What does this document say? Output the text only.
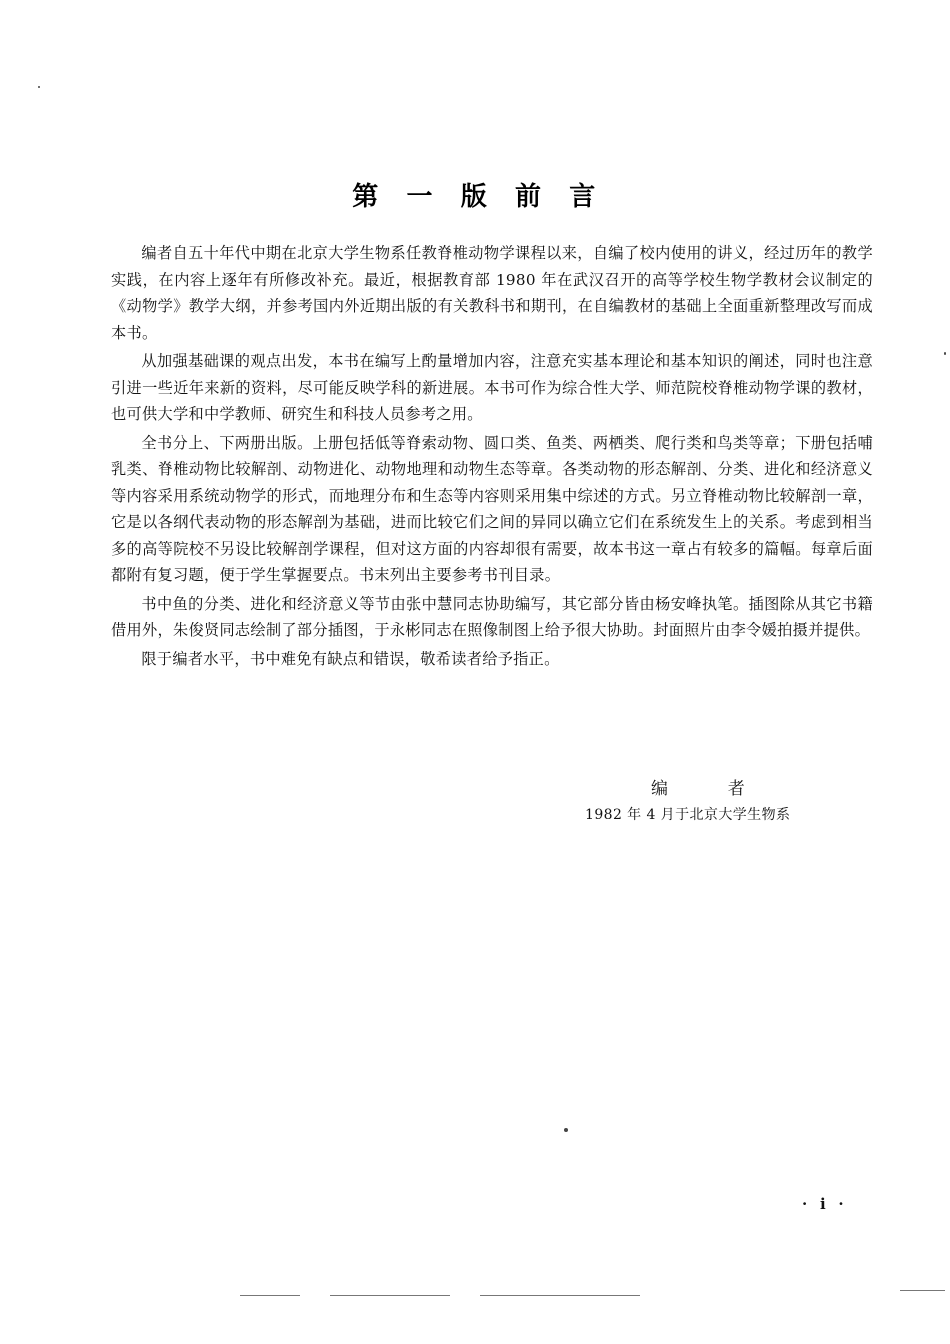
第 一 版 前 言

编者自五十年代中期在北京大学生物系任教脊椎动物学课程以来，自编了校内使用的讲义，经过历年的教学实践，在内容上逐年有所修改补充。最近，根据教育部 1980 年在武汉召开的高等学校生物学教材会议制定的《动物学》教学大纲，并参考国内外近期出版的有关教科书和期刊，在自编教材的基础上全面重新整理改写而成本书。

从加强基础课的观点出发，本书在编写上酌量增加内容，注意充实基本理论和基本知识的阐述，同时也注意引进一些近年来新的资料，尽可能反映学科的新进展。本书可作为综合性大学、师范院校脊椎动物学课的教材，也可供大学和中学教师、研究生和科技人员参考之用。

全书分上、下两册出版。上册包括低等脊索动物、圆口类、鱼类、两栖类、爬行类和鸟类等章；下册包括哺乳类、脊椎动物比较解剖、动物进化、动物地理和动物生态等章。各类动物的形态解剖、分类、进化和经济意义等内容采用系统动物学的形式，而地理分布和生态等内容则采用集中综述的方式。另立脊椎动物比较解剖一章，它是以各纲代表动物的形态解剖为基础，进而比较它们之间的异同以确立它们在系统发生上的关系。考虑到相当多的高等院校不另设比较解剖学课程，但对这方面的内容却很有需要，故本书这一章占有较多的篇幅。每章后面都附有复习题，便于学生掌握要点。书末列出主要参考书刊目录。

书中鱼的分类、进化和经济意义等节由张中慧同志协助编写，其它部分皆由杨安峰执笔。插图除从其它书籍借用外，朱俊贤同志绘制了部分插图，于永彬同志在照像制图上给予很大协助。封面照片由李令媛拍摄并提供。

限于编者水平，书中难免有缺点和错误，敬希读者给予指正。

编 者
1982 年 4 月于北京大学生物系
· i ·
